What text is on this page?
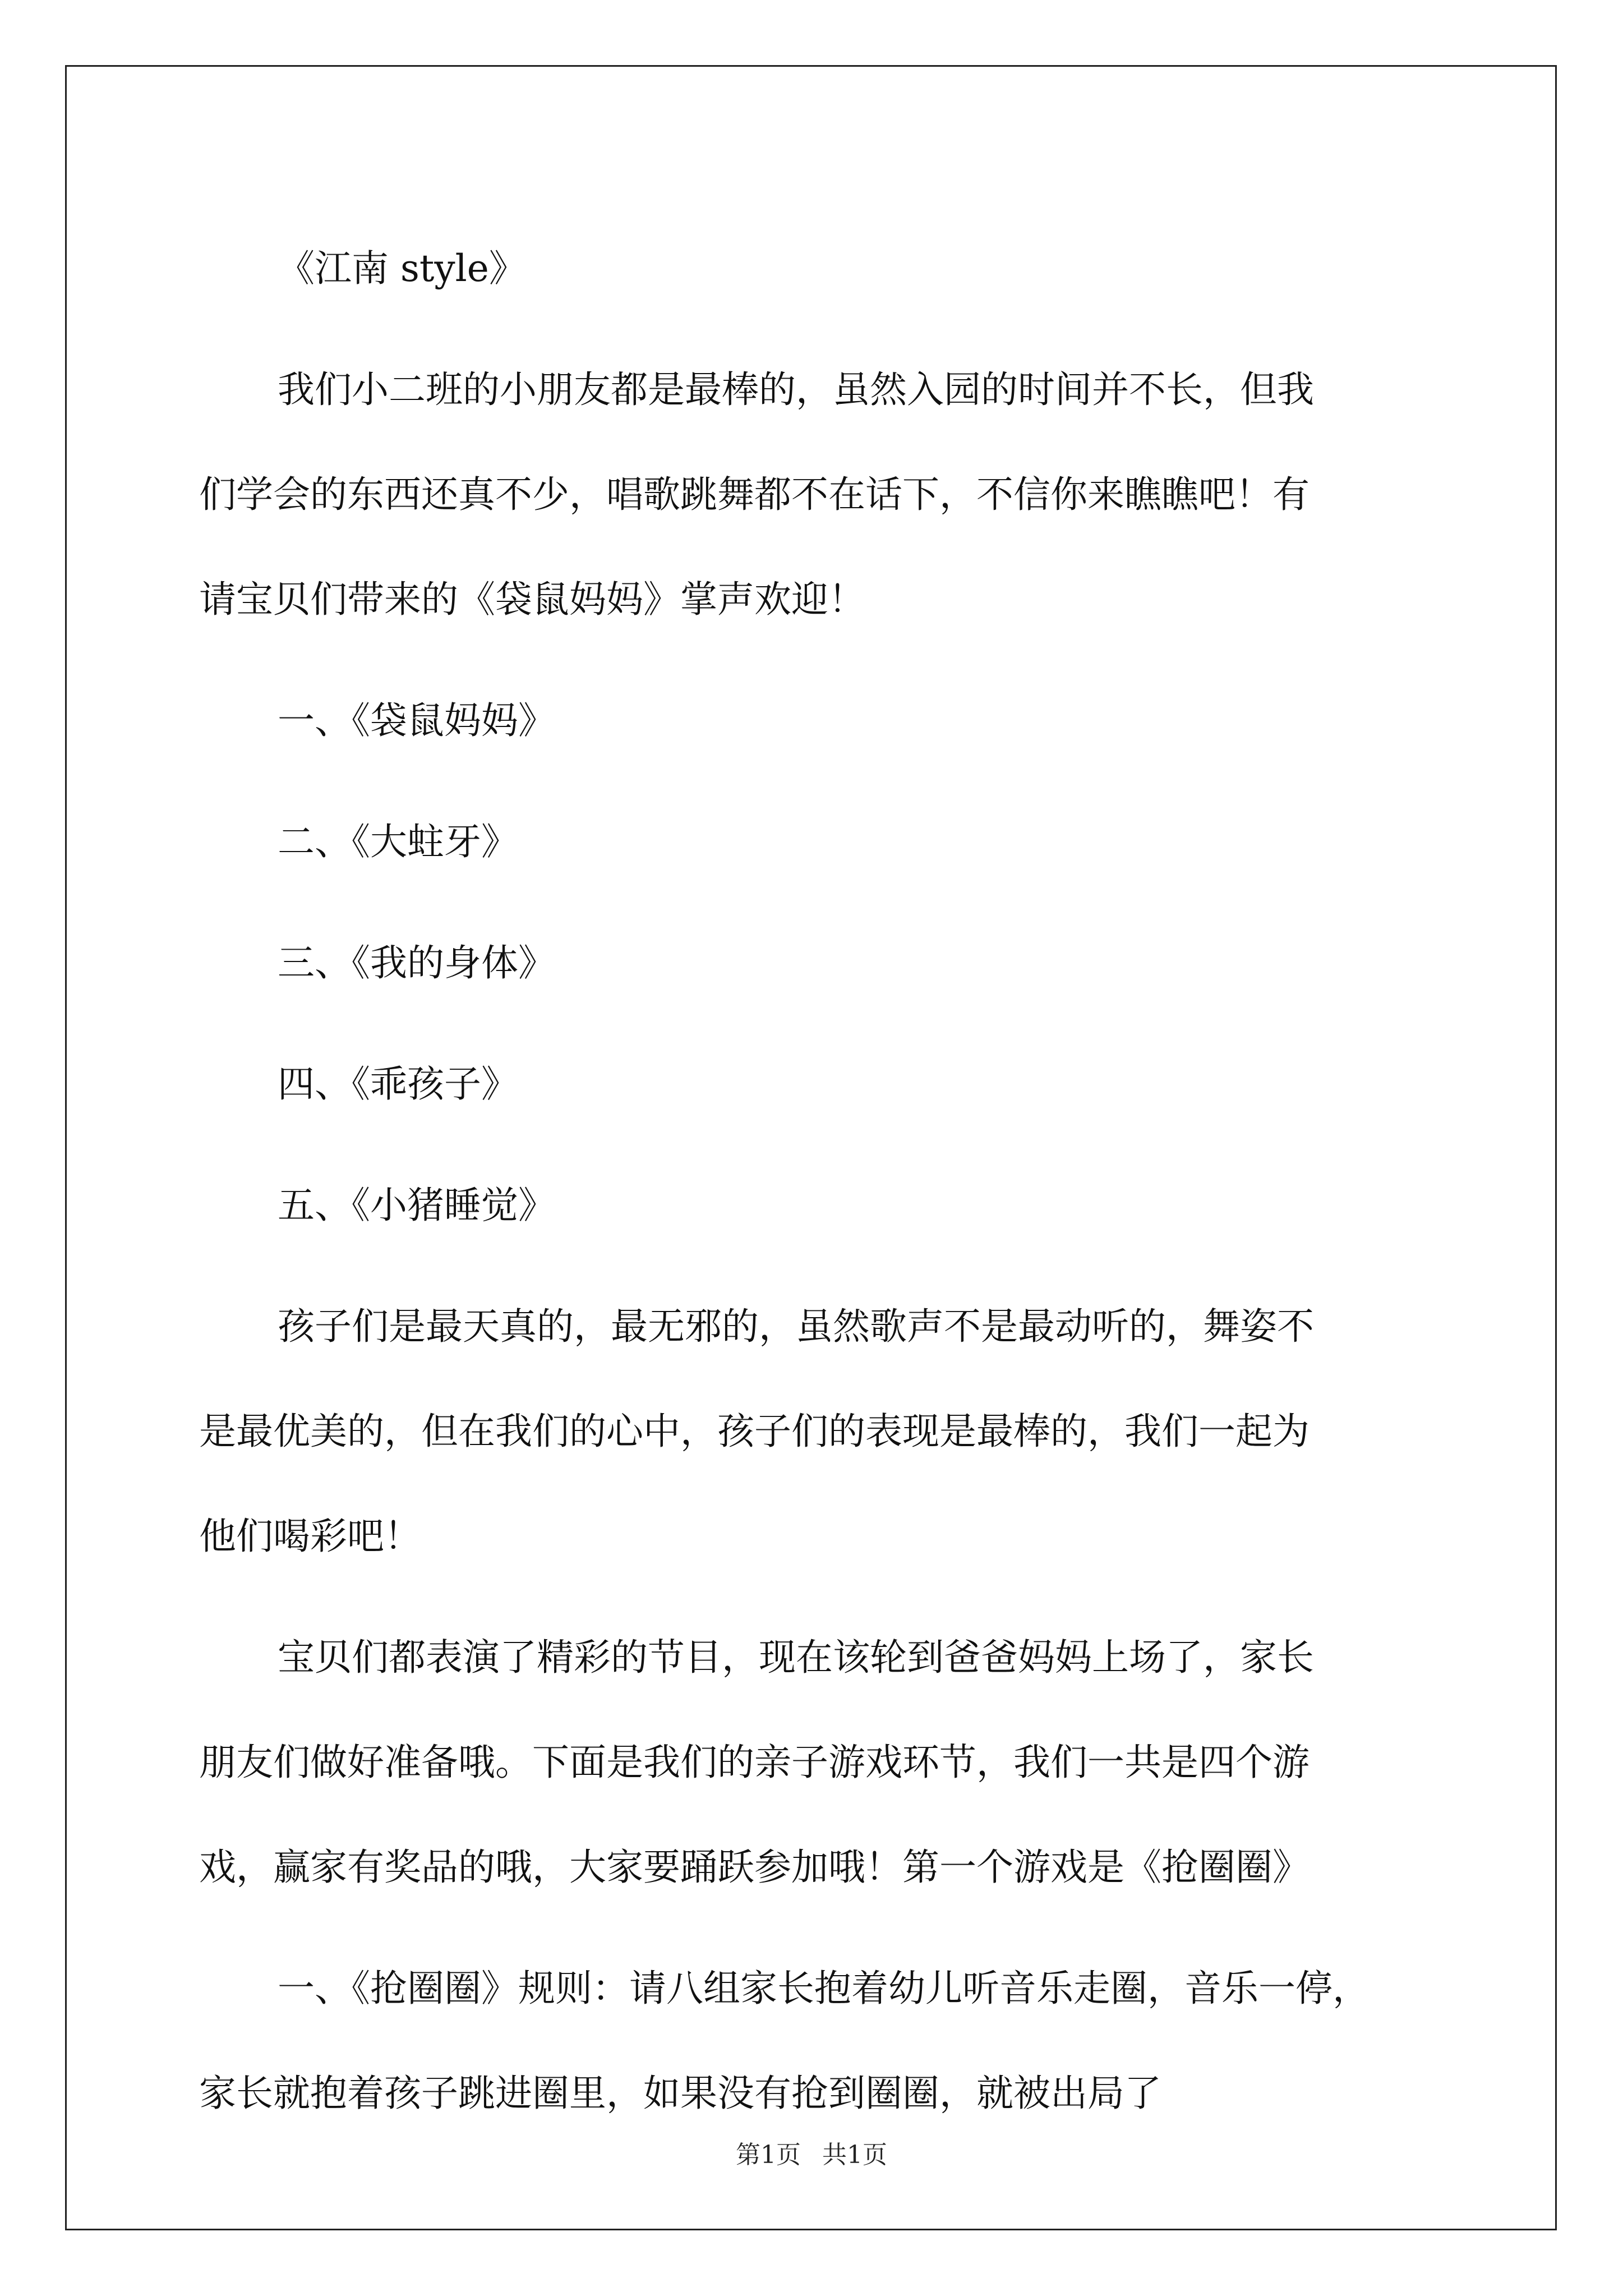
《江南 style》
我们小二班的小朋友都是最棒的，虽然入园的时间并不长，但我
们学会的东西还真不少，唱歌跳舞都不在话下，不信你来瞧瞧吧！有
请宝贝们带来的《袋鼠妈妈》掌声欢迎！
一、《袋鼠妈妈》
二、《大蛀牙》
三、《我的身体》
四、《乖孩子》
五、《小猪睡觉》
孩子们是最天真的，最无邪的，虽然歌声不是最动听的，舞姿不
是最优美的，但在我们的心中，孩子们的表现是最棒的，我们一起为
他们喝彩吧！
宝贝们都表演了精彩的节目，现在该轮到爸爸妈妈上场了，家长
朋友们做好准备哦。下面是我们的亲子游戏环节，我们一共是四个游
戏，赢家有奖品的哦，大家要踊跃参加哦！第一个游戏是《抢圈圈》
一、《抢圈圈》规则：请八组家长抱着幼儿听音乐走圈，音乐一停，
家长就抱着孩子跳进圈里，如果没有抢到圈圈，就被出局了
第1页 共1页
